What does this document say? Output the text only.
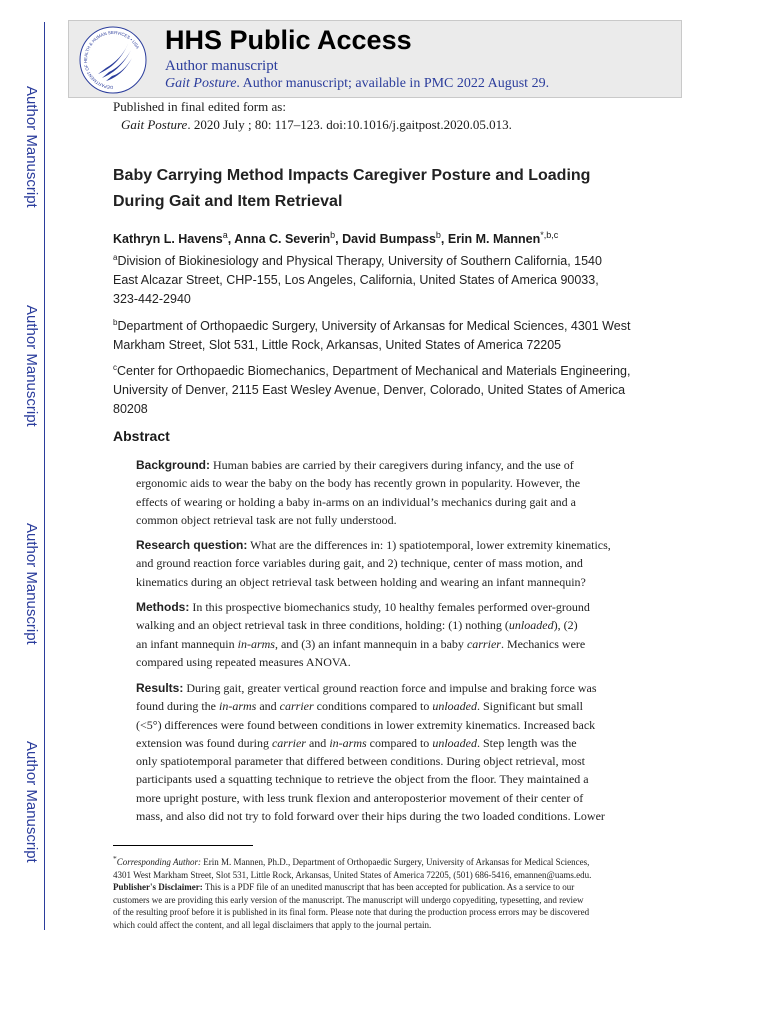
DEPARTMENT OF HEALTH & HUMAN SERVICES • USA HHS Public Access
Author manuscript
Gait Posture. Author manuscript; available in PMC 2022 August 29.
Author Manuscript
Author Manuscript
Author Manuscript
Author Manuscript
Published in final edited form as:
Gait Posture. 2020 July ; 80: 117–123. doi:10.1016/j.gaitpost.2020.05.013.
Baby Carrying Method Impacts Caregiver Posture and Loading
During Gait and Item Retrieval
Kathryn L. Havens$^a$, Anna C. Severin$^b$, David Bumpass$^b$, Erin M. Mannen$^{*,b,c}$
$^a$Division of Biokinesiology and Physical Therapy, University of Southern California, 1540
East Alcazar Street, CHP-155, Los Angeles, California, United States of America 90033,
323-442-2940
$^b$Department of Orthopaedic Surgery, University of Arkansas for Medical Sciences, 4301 West
Markham Street, Slot 531, Little Rock, Arkansas, United States of America 72205
$^c$Center for Orthopaedic Biomechanics, Department of Mechanical and Materials Engineering,
University of Denver, 2115 East Wesley Avenue, Denver, Colorado, United States of America
80208
Abstract
Background: Human babies are carried by their caregivers during infancy, and the use of
ergonomic aids to wear the baby on the body has recently grown in popularity. However, the
effects of wearing or holding a baby in-arms on an individual’s mechanics during gait and a
common object retrieval task are not fully understood.
Research question: What are the differences in: 1) spatiotemporal, lower extremity kinematics,
and ground reaction force variables during gait, and 2) technique, center of mass motion, and
kinematics during an object retrieval task between holding and wearing an infant mannequin?
Methods: In this prospective biomechanics study, 10 healthy females performed over-ground
walking and an object retrieval task in three conditions, holding: (1) nothing (unloaded), (2)
an infant mannequin in-arms, and (3) an infant mannequin in a baby carrier. Mechanics were
compared using repeated measures ANOVA.
Results: During gait, greater vertical ground reaction force and impulse and braking force was
found during the in-arms and carrier conditions compared to unloaded. Significant but small
(<5°) differences were found between conditions in lower extremity kinematics. Increased back
extension was found during carrier and in-arms compared to unloaded. Step length was the
only spatiotemporal parameter that differed between conditions. During object retrieval, most
participants used a squatting technique to retrieve the object from the floor. They maintained a
more upright posture, with less trunk flexion and anteroposterior movement of their center of
mass, and also did not try to fold forward over their hips during the two loaded conditions. Lower
*Corresponding Author: Erin M. Mannen, Ph.D., Department of Orthopaedic Surgery, University of Arkansas for Medical Sciences,
4301 West Markham Street, Slot 531, Little Rock, Arkansas, United States of America 72205, (501) 686-5416, emannen@uams.edu.
Publisher's Disclaimer: This is a PDF file of an unedited manuscript that has been accepted for publication. As a service to our
customers we are providing this early version of the manuscript. The manuscript will undergo copyediting, typesetting, and review
of the resulting proof before it is published in its final form. Please note that during the production process errors may be discovered
which could affect the content, and all legal disclaimers that apply to the journal pertain.
